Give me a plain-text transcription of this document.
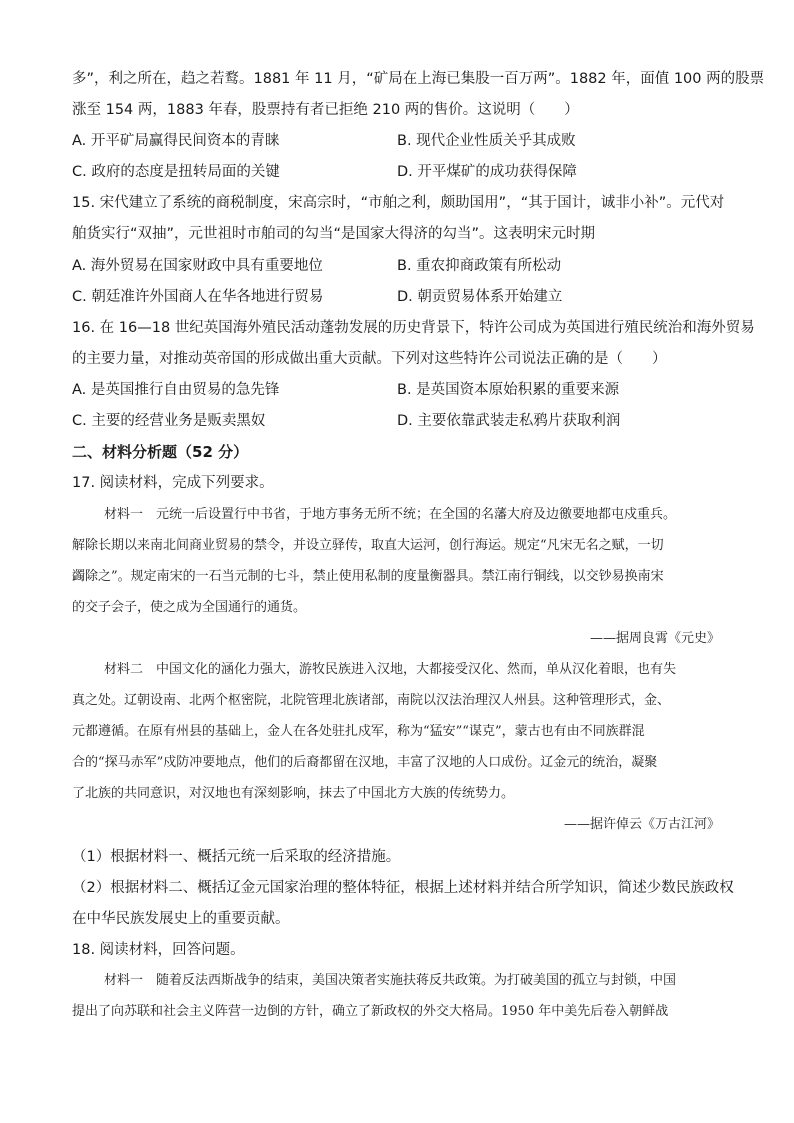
多”，利之所在，趋之若鹜。1881 年 11 月，“矿局在上海已集股一百万两”。1882 年，面值 100 两的股票
涨至 154 两，1883 年春，股票持有者已拒绝 210 两的售价。这说明（　　）
A. 开平矿局赢得民间资本的青睐	B. 现代企业性质关乎其成败
C. 政府的态度是扭转局面的关键	D. 开平煤矿的成功获得保障
15. 宋代建立了系统的商税制度，宋高宗时，“市舶之利，颇助国用”，“其于国计，诚非小补”。元代对
舶货实行“双抽”，元世祖时市舶司的勾当“是国家大得济的勾当”。这表明宋元时期
A. 海外贸易在国家财政中具有重要地位	B. 重农抑商政策有所松动
C. 朝廷准许外国商人在华各地进行贸易	D. 朝贡贸易体系开始建立
16. 在 16—18 世纪英国海外殖民活动蓬勃发展的历史背景下，特许公司成为英国进行殖民统治和海外贸易
的主要力量，对推动英帝国的形成做出重大贡献。下列对这些特许公司说法正确的是（　　）
A. 是英国推行自由贸易的急先锋	B. 是英国资本原始积累的重要来源
C. 主要的经营业务是贩卖黑奴	D. 主要依靠武装走私鸦片获取利润
二、材料分析题（52 分）
17. 阅读材料，完成下列要求。
材料一　元统一后设置行中书省，于地方事务无所不统；在全国的名藩大府及边徼要地都屯戍重兵。
解除长期以来南北间商业贸易的禁令，并设立驿传，取直大运河，创行海运。规定“凡宋无名之赋，一切
蠲除之”。规定南宋的一石当元制的七斗，禁止使用私制的度量衡器具。禁江南行铜线，以交钞易换南宋
的交子会子，使之成为全国通行的通货。
——据周良霄《元史》
材料二　中国文化的涵化力强大，游牧民族进入汉地，大都接受汉化、然而，单从汉化着眼，也有失
真之处。辽朝设南、北两个枢密院，北院管理北族诸部，南院以汉法治理汉人州县。这种管理形式，金、
元都遵循。在原有州县的基础上，金人在各处驻扎戍军，称为“猛安”“谋克”，蒙古也有由不同族群混
合的“探马赤军”戍防冲要地点，他们的后裔都留在汉地，丰富了汉地的人口成份。辽金元的统治，凝聚
了北族的共同意识，对汉地也有深刻影响，抹去了中国北方大族的传统势力。
——据许倬云《万古江河》
（1）根据材料一、概括元统一后采取的经济措施。
（2）根据材料二、概括辽金元国家治理的整体特征，根据上述材料并结合所学知识，简述少数民族政权
在中华民族发展史上的重要贡献。
18. 阅读材料，回答问题。
材料一　随着反法西斯战争的结束，美国决策者实施扶蒋反共政策。为打破美国的孤立与封锁，中国
提出了向苏联和社会主义阵营一边倒的方针，确立了新政权的外交大格局。1950 年中美先后卷入朝鲜战
